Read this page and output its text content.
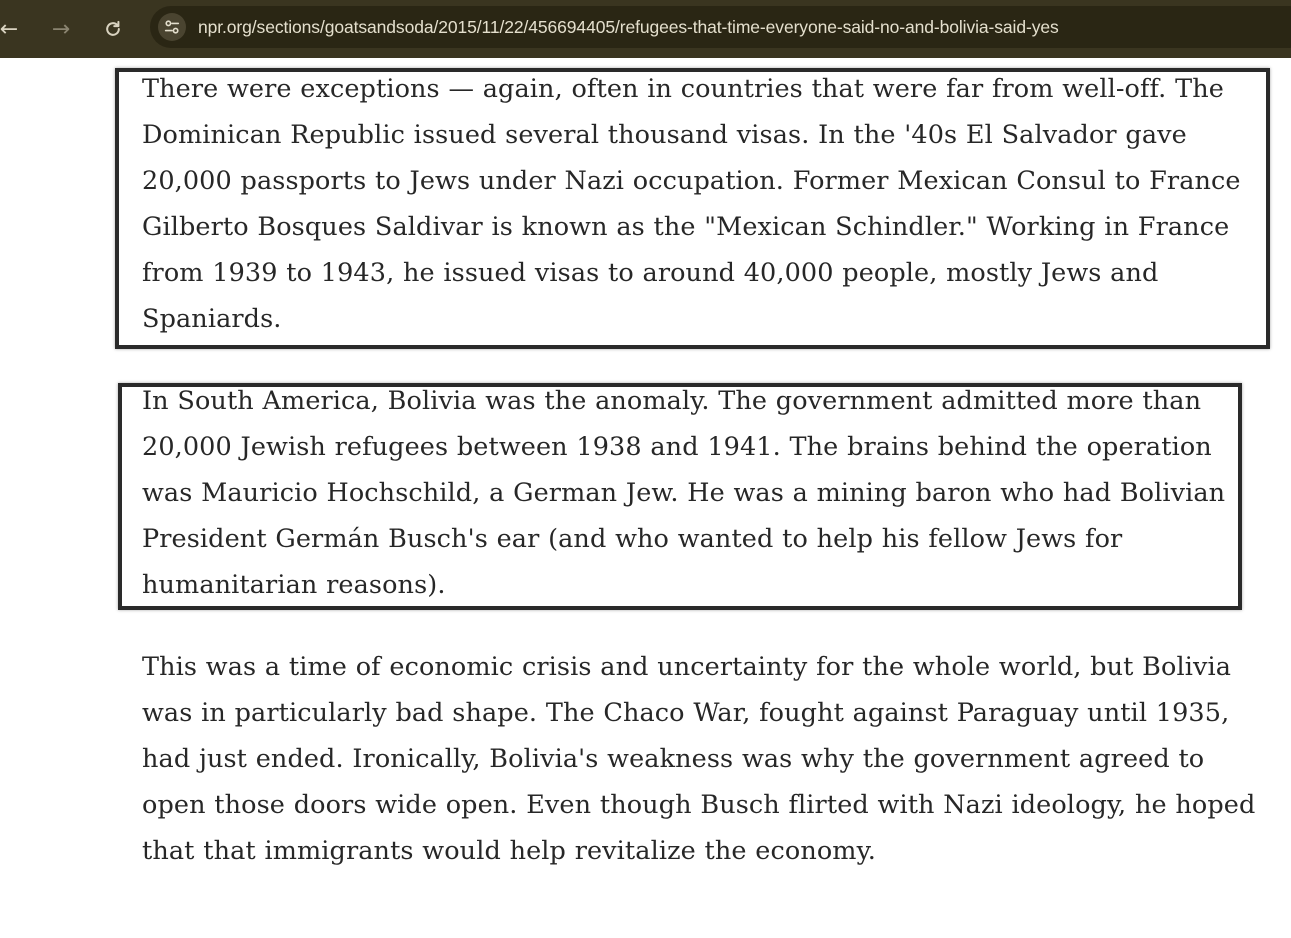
← →	npr.org/sections/goatsandsoda/2015/11/22/456694405/refugees-that-time-everyone-said-no-and-bolivia-said-yes

There were exceptions — again, often in countries that were far from well-off. The Dominican Republic issued several thousand visas. In the '40s El Salvador gave 20,000 passports to Jews under Nazi occupation. Former Mexican Consul to France Gilberto Bosques Saldivar is known as the "Mexican Schindler." Working in France from 1939 to 1943, he issued visas to around 40,000 people, mostly Jews and Spaniards.

In South America, Bolivia was the anomaly. The government admitted more than 20,000 Jewish refugees between 1938 and 1941. The brains behind the operation was Mauricio Hochschild, a German Jew. He was a mining baron who had Bolivian President Germán Busch's ear (and who wanted to help his fellow Jews for humanitarian reasons).

This was a time of economic crisis and uncertainty for the whole world, but Bolivia was in particularly bad shape. The Chaco War, fought against Paraguay until 1935, had just ended. Ironically, Bolivia's weakness was why the government agreed to open those doors wide open. Even though Busch flirted with Nazi ideology, he hoped that that immigrants would help revitalize the economy.
